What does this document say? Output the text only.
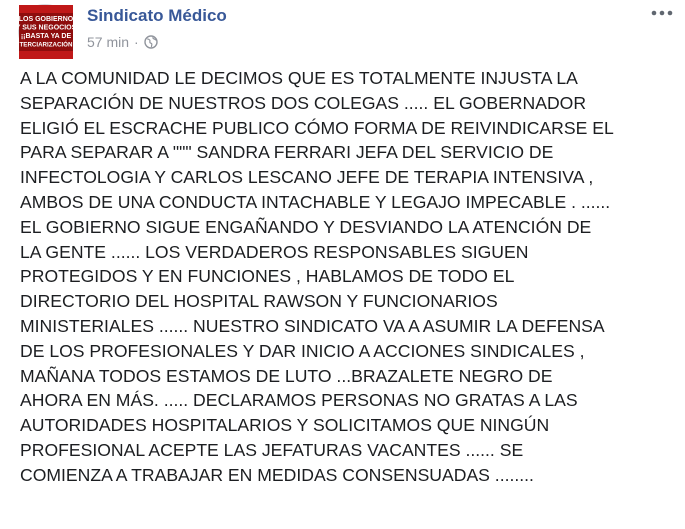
LOS GOBIERNO
Y SUS NEGOCIOS
¡¡BASTA YA DE
TERCIARIZACIÓN
Sindicato Médico
57 min ·
A LA COMUNIDAD LE DECIMOS QUE ES TOTALMENTE INJUSTA LA
SEPARACIÓN DE NUESTROS DOS COLEGAS ..... EL GOBERNADOR
ELIGIÓ EL ESCRACHE PUBLICO CÓMO FORMA DE REIVINDICARSE EL
PARA SEPARAR A """ SANDRA FERRARI JEFA DEL SERVICIO DE
INFECTOLOGIA Y CARLOS LESCANO JEFE DE TERAPIA INTENSIVA ,
AMBOS DE UNA CONDUCTA INTACHABLE Y LEGAJO IMPECABLE . ......
EL GOBIERNO SIGUE ENGAÑANDO Y DESVIANDO LA ATENCIÓN DE
LA GENTE ...... LOS VERDADEROS RESPONSABLES SIGUEN
PROTEGIDOS Y EN FUNCIONES , HABLAMOS DE TODO EL
DIRECTORIO DEL HOSPITAL RAWSON Y FUNCIONARIOS
MINISTERIALES ...... NUESTRO SINDICATO VA A ASUMIR LA DEFENSA
DE LOS PROFESIONALES Y DAR INICIO A ACCIONES SINDICALES ,
MAÑANA TODOS ESTAMOS DE LUTO ...BRAZALETE NEGRO DE
AHORA EN MÁS. ..... DECLARAMOS PERSONAS NO GRATAS A LAS
AUTORIDADES HOSPITALARIOS Y SOLICITAMOS QUE NINGÚN
PROFESIONAL ACEPTE LAS JEFATURAS VACANTES ...... SE
COMIENZA A TRABAJAR EN MEDIDAS CONSENSUADAS ........
